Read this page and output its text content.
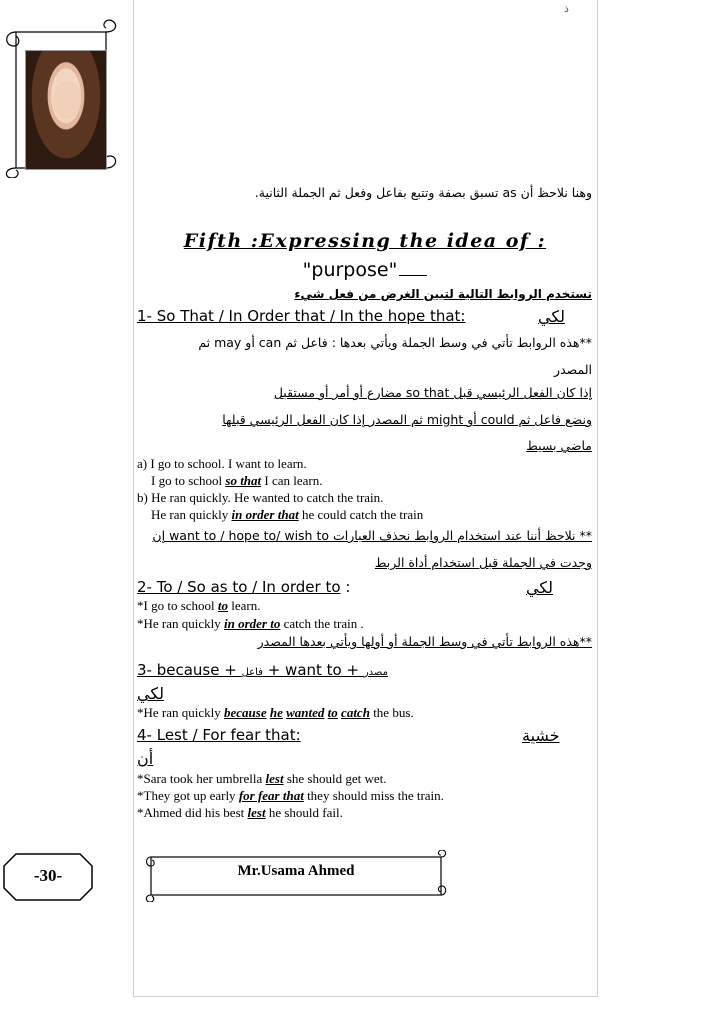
ذ
وهنا نلاحظ أن as تسبق بصفة وتتبع بفاعل وفعل ثم الجملة الثانية.
Fifth :Expressing the idea of :
"purpose"
تستخدم الروابط التالية لتبين الغرض من فعل شيء
1- So That / In Order that / In the hope that:	لكي
**هذه الروابط تأتي في وسط الجملة ويأتي بعدها : فاعل ثم can أو may ثم
المصدر
إذا كان الفعل الرئيسي قبل so that مضارع أو أمر أو مستقبل
ونضع فاعل ثم could أو might ثم المصدر إذا كان الفعل الرئيسي قبلها
ماضي بسيط
a) I go to school. I want to learn.
I go to school so that I can learn.
b) He ran quickly. He wanted to catch the train.
He ran quickly in order that he could catch the train
** نلاحظ أننا عند استخدام الروابط نحذف العبارات want to / hope to/ wish to إن
وجدت في الجملة قبل استخدام أداة الربط
2- To / So as to / In order to :	لكي
*I go to school to learn.
*He ran quickly in order to catch the train .
**هذه الروابط تأتي في وسط الجملة أو أولها ويأتي بعدها المصدر
3- because + فاعل + want to + مصدر
لكي
*He ran quickly because he wanted to catch the bus.
4- Lest / For fear that:	خشية
أن
*Sara took her umbrella lest she should get wet.
*They got up early for fear that they should miss the train.
*Ahmed did his best lest he should fail.
-30-	Mr.Usama Ahmed
